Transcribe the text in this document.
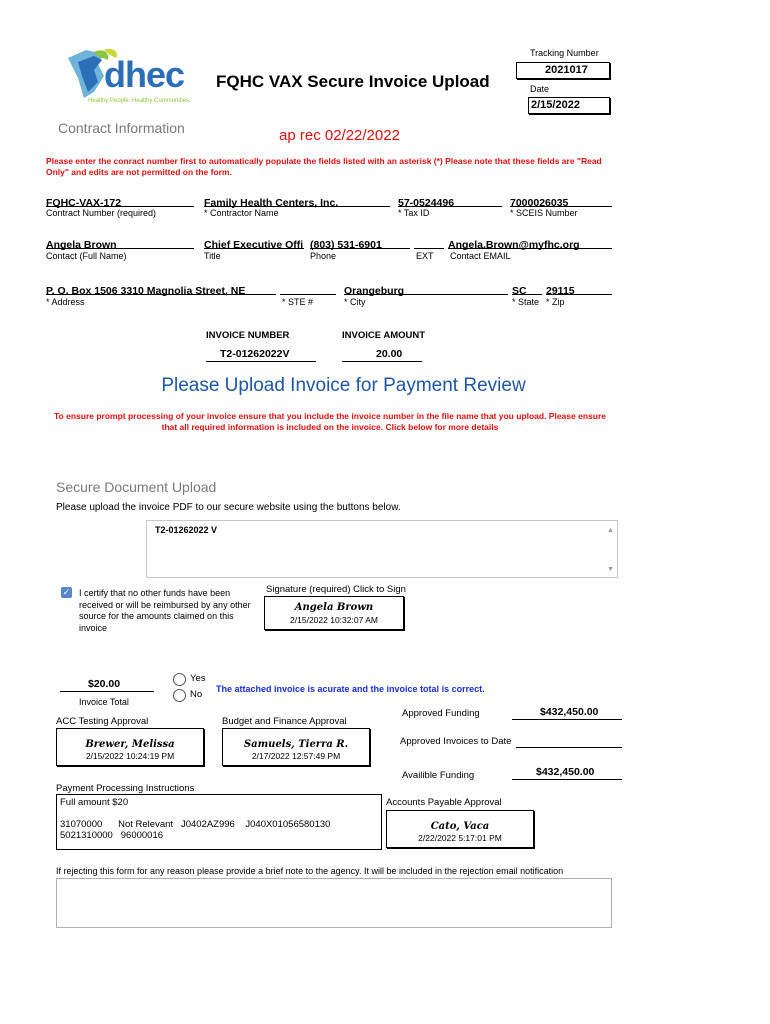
dhec
Healthy People. Healthy Communities.
FQHC VAX Secure Invoice Upload
Tracking Number
2021017
Date
2/15/2022
Contract Information	ap rec 02/22/2022
Please enter the conract number first to automatically populate the fields listed with an asterisk (*) Please note that these fields are "Read Only" and edits are not permitted on the form.
FQHC-VAX-172
Contract Number (required)
Family Health Centers, Inc.
* Contractor Name
57-0524496
* Tax ID
7000026035
* SCEIS Number
Angela Brown
Contact (Full Name)
Chief Executive Offi
Title
(803) 531-6901
Phone	EXT
Angela.Brown@myfhc.org
Contact EMAIL
P. O. Box 1506 3310 Magnolia Street, NE
* Address	* STE #
Orangeburg
* City
SC
* State
29115
* Zip
INVOICE NUMBER
T2-01262022V
INVOICE AMOUNT
20.00
Please Upload Invoice for Payment Review
To ensure prompt processing of your invoice ensure that you include the invoice number in the file name that you upload. Please ensure that all required information is included on the invoice. Click below for more details
Secure Document Upload
Please upload the invoice PDF to our secure website using the buttons below.
T2-01262022 V	▲
▼
✓ I certify that no other funds have been received or will be reimbursed by any other source for the amounts claimed on this invoice
Signature (required) Click to Sign
Angela Brown
2/15/2022 10:32:07 AM
$20.00
Invoice Total
Yes
No The attached invoice is acurate and the invoice total is correct.
ACC Testing Approval
Brewer, Melissa
2/15/2022 10:24:19 PM
Budget and Finance Approval
Samuels, Tierra R.
2/17/2022 12:57:49 PM
Approved Funding	$432,450.00
Approved Invoices to Date
Availible Funding	$432,450.00
Payment Processing Instructions
Full amount $20
31070000      Not Relevant   J0402AZ996    J040X01056580130
5021310000   96000016
Accounts Payable Approval
Cato, Vaca
2/22/2022 5:17:01 PM
If rejecting this form for any reason please provide a brief note to the agency. It will be included in the rejection email notification
